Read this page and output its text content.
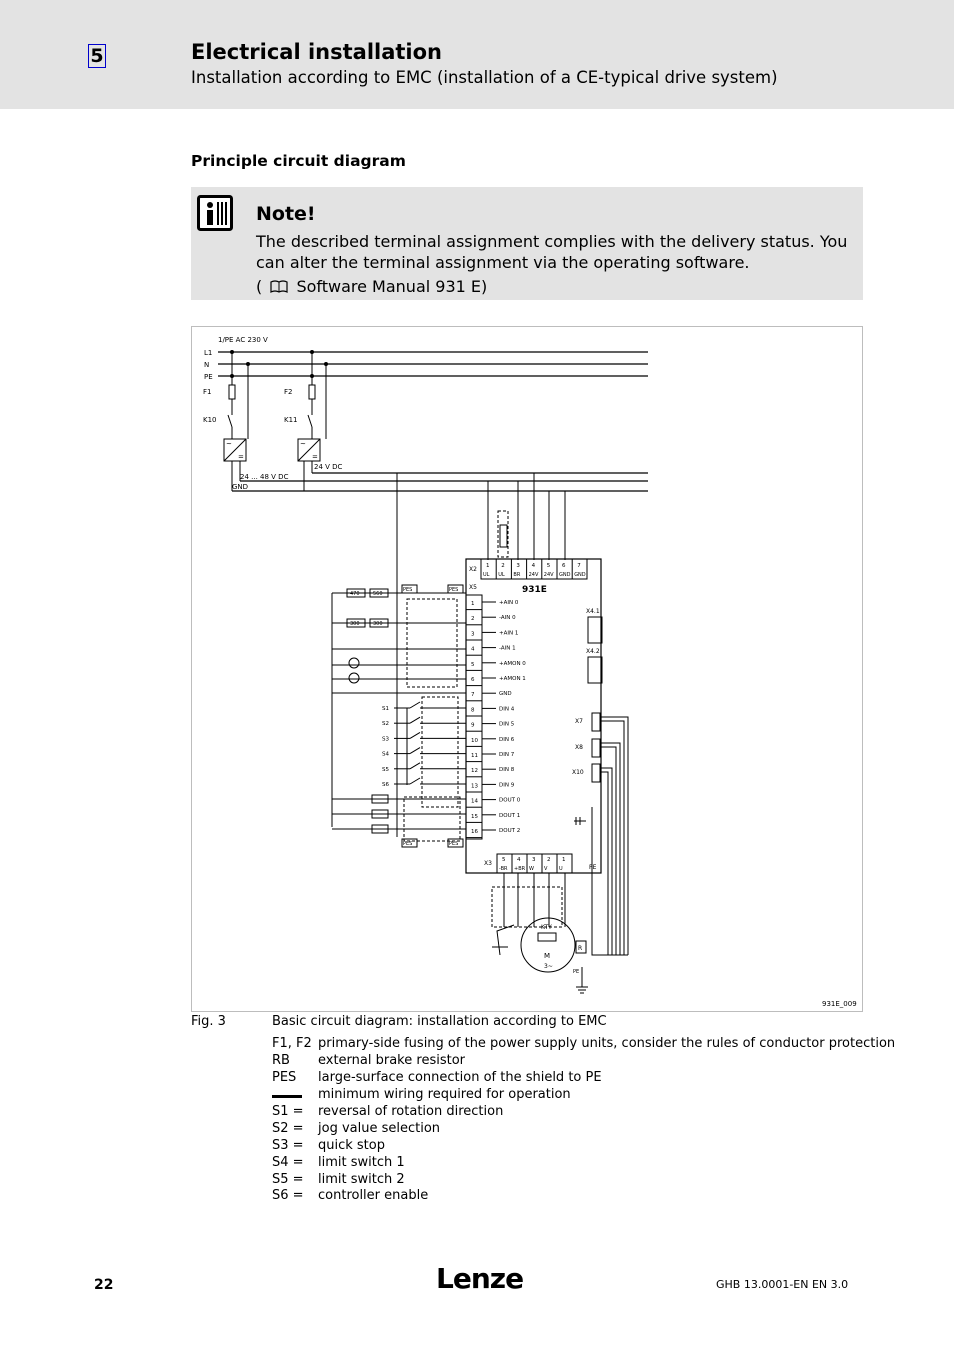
5	Electrical installation
Installation according to EMC (installation of a CE-typical drive system)
Principle circuit diagram
Note!
The described terminal assignment complies with the delivery status. You can alter the terminal assignment via the operating software.
( Software Manual 931 E)
1/PE AC 230 V
L1
N
PE
F1	F2
K10	K11
~
=
~
=
24 V DC
24 ... 48 V DC
GND
931E
X2 1
UL
2
UL
3
BR
4
24V
5
24V
6
GND
7
GND
X5
1	+AIN 0
2	-AIN 0
3	+AIN 1
4	-AIN 1
5	+AMON 0
6	+AMON 1
7	GND
8	DIN 4
9	DIN 5
10	DIN 6
11	DIN 7
12	DIN 8
13	DIN 9
14	DOUT 0
15	DOUT 1
16	DOUT 2
X3 5
-BR
4
+BR
3
W
2
V
1
U	PE
X4.1
X4.2
X7
X8
X10
470	560
300	300
PES	PES
PES	PES
S1
S2
S3
S4
S5
S6
M
3~
KTY
R
PE
931E_009
Fig. 3	Basic circuit diagram: installation according to EMC
F1, F2 primary-side fusing of the power supply units, consider the rules of conductor protection
RB external brake resistor
PES large-surface connection of the shield to PE
minimum wiring required for operation
S1 = reversal of rotation direction
S2 = jog value selection
S3 = quick stop
S4 = limit switch 1
S5 = limit switch 2
S6 = controller enable
22	Lenze	GHB 13.0001-EN EN 3.0
